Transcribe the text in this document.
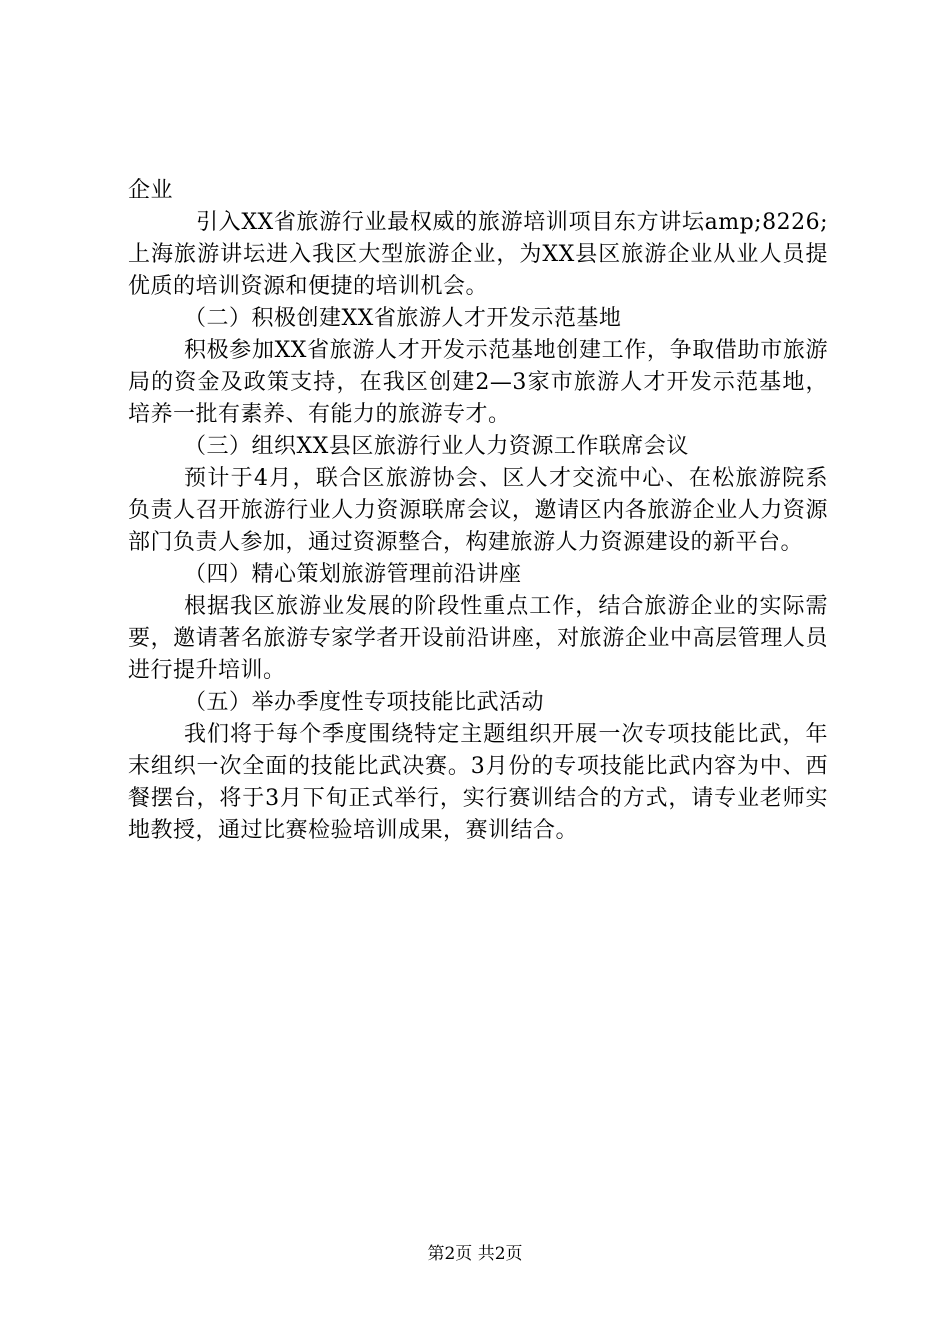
企业

引入XX省旅游行业最权威的旅游培训项目东方讲坛amp;8226;上海旅游讲坛进入我区大型旅游企业，为XX县区旅游企业从业人员提优质的培训资源和便捷的培训机会。

（二）积极创建XX省旅游人才开发示范基地

积极参加XX省旅游人才开发示范基地创建工作，争取借助市旅游局的资金及政策支持，在我区创建2—3家市旅游人才开发示范基地，培养一批有素养、有能力的旅游专才。

（三）组织XX县区旅游行业人力资源工作联席会议

预计于4月，联合区旅游协会、区人才交流中心、在松旅游院系负责人召开旅游行业人力资源联席会议，邀请区内各旅游企业人力资源部门负责人参加，通过资源整合，构建旅游人力资源建设的新平台。

（四）精心策划旅游管理前沿讲座

根据我区旅游业发展的阶段性重点工作，结合旅游企业的实际需要，邀请著名旅游专家学者开设前沿讲座，对旅游企业中高层管理人员进行提升培训。

（五）举办季度性专项技能比武活动

我们将于每个季度围绕特定主题组织开展一次专项技能比武，年末组织一次全面的技能比武决赛。3月份的专项技能比武内容为中、西餐摆台，将于3月下旬正式举行，实行赛训结合的方式，请专业老师实地教授，通过比赛检验培训成果，赛训结合。

第2页 共2页
